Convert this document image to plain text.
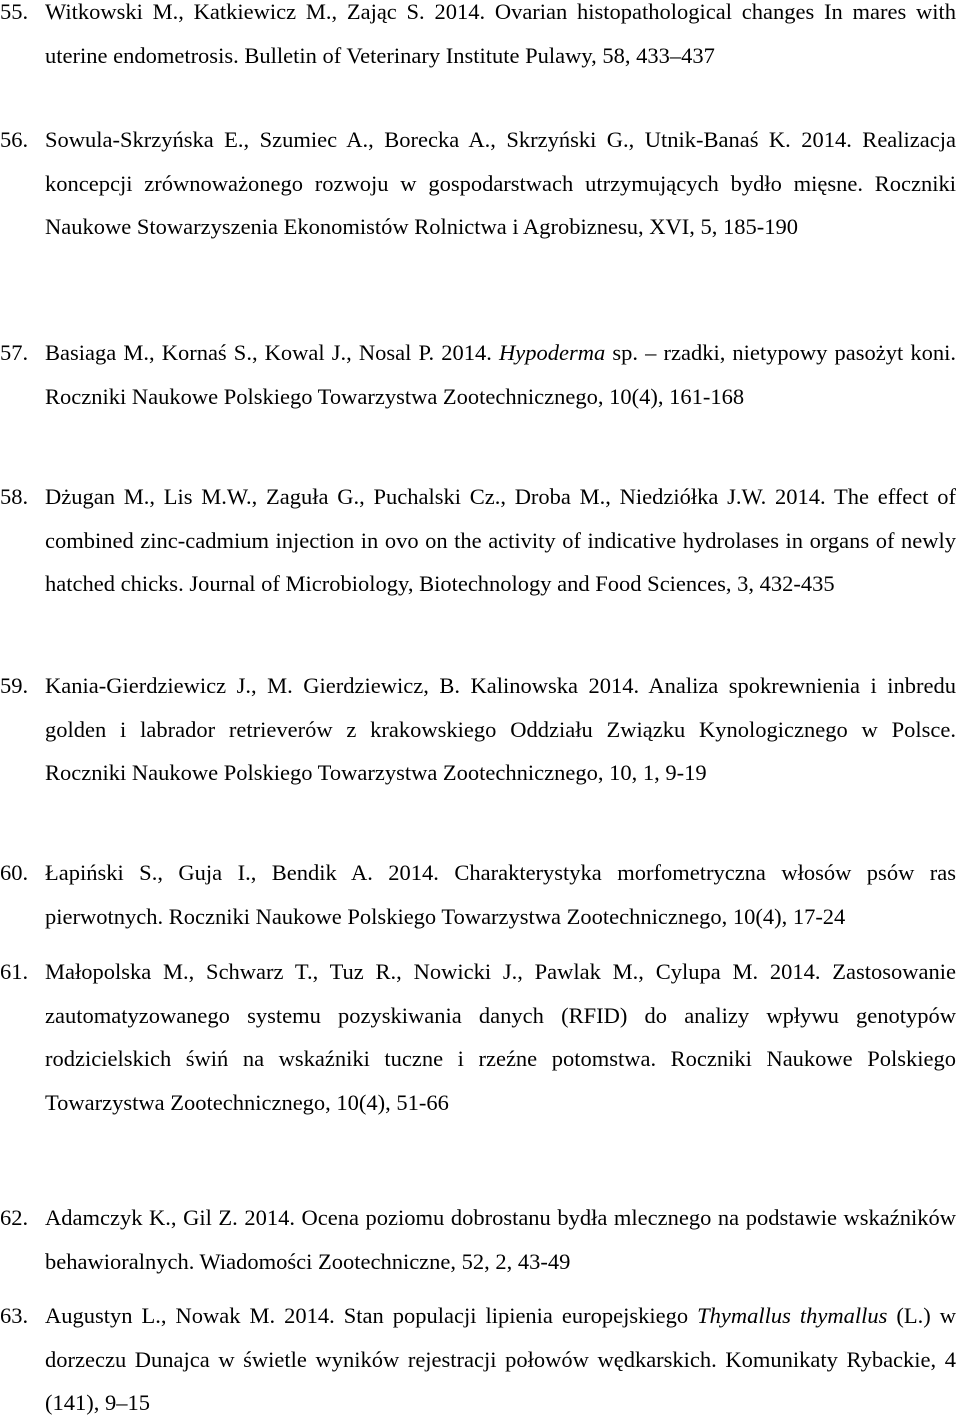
55. Witkowski M., Katkiewicz M., Zając S. 2014. Ovarian histopathological changes In mares with uterine endometrosis. Bulletin of Veterinary Institute Pulawy, 58, 433–437
56. Sowula-Skrzyńska E., Szumiec A., Borecka A., Skrzyński G., Utnik-Banaś K. 2014. Realizacja koncepcji zrównoważonego rozwoju w gospodarstwach utrzymujących bydło mięsne. Roczniki Naukowe Stowarzyszenia Ekonomistów Rolnictwa i Agrobiznesu, XVI, 5, 185-190
57. Basiaga M., Kornaś S., Kowal J., Nosal P. 2014. Hypoderma sp. – rzadki, nietypowy pasożyt koni. Roczniki Naukowe Polskiego Towarzystwa Zootechnicznego, 10(4), 161-168
58. Dżugan M., Lis M.W., Zaguła G., Puchalski Cz., Droba M., Niedziółka J.W. 2014. The effect of combined zinc-cadmium injection in ovo on the activity of indicative hydrolases in organs of newly hatched chicks. Journal of Microbiology, Biotechnology and Food Sciences, 3, 432-435
59. Kania-Gierdziewicz J., M. Gierdziewicz, B. Kalinowska 2014. Analiza spokrewnienia i inbredu golden i labrador retrieverów z krakowskiego Oddziału Związku Kynologicznego w Polsce. Roczniki Naukowe Polskiego Towarzystwa Zootechnicznego, 10, 1, 9-19
60. Łapiński S., Guja I., Bendik A. 2014. Charakterystyka morfometryczna włosów psów ras pierwotnych. Roczniki Naukowe Polskiego Towarzystwa Zootechnicznego, 10(4), 17-24
61. Małopolska M., Schwarz T., Tuz R., Nowicki J., Pawlak M., Cylupa M. 2014. Zastosowanie zautomatyzowanego systemu pozyskiwania danych (RFID) do analizy wpływu genotypów rodzicielskich świń na wskaźniki tuczne i rzeźne potomstwa. Roczniki Naukowe Polskiego Towarzystwa Zootechnicznego, 10(4), 51-66
62. Adamczyk K., Gil Z. 2014. Ocena poziomu dobrostanu bydła mlecznego na podstawie wskaźników behawioralnych. Wiadomości Zootechniczne, 52, 2, 43-49
63. Augustyn L., Nowak M. 2014. Stan populacji lipienia europejskiego Thymallus thymallus (L.) w dorzeczu Dunajca w świetle wyników rejestracji połowów wędkarskich. Komunikaty Rybackie, 4 (141), 9–15
